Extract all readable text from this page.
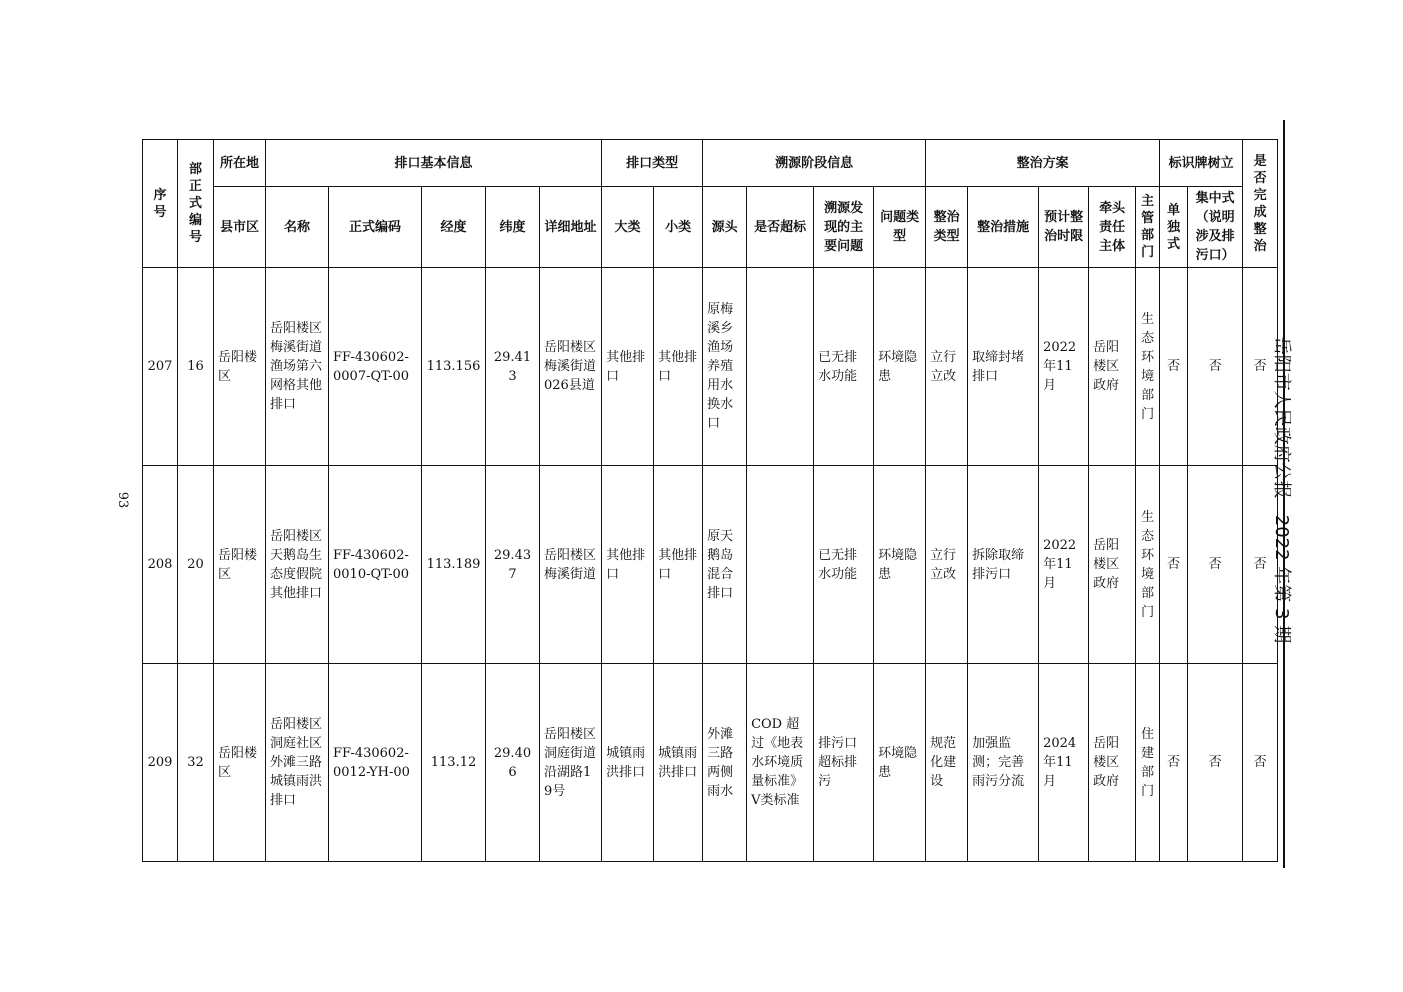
93
岳阳市人民政府公报2022 年第 3 期
序号	部正式编号	所在地	排口基本信息					排口类型		溯源阶段信息				整治方案					标识牌树立		是否完成整治

		县市区	名称	正式编码	经度	纬度	详细地址	大类	小类	源头	是否超标	溯源发现的主要问题	问题类型	整治类型	整治措施	预计整治时限	牵头责任主体	主管部门	单独式	集中式（说明涉及排污口）	
207	16	岳阳楼区	岳阳楼区梅溪街道渔场第六网格其他排口	FF-430602-0007-QT-00	113.156	29.413	岳阳楼区梅溪街道026县道	其他排口	其他排口	原梅溪乡渔场养殖用水换水口		已无排水功能	环境隐患	立行立改	取缔封堵排口	2022年11月	岳阳楼区政府	生态环境部门	否	否	否
208	20	岳阳楼区	岳阳楼区天鹅岛生态度假院其他排口	FF-430602-0010-QT-00	113.189	29.437	岳阳楼区梅溪街道	其他排口	其他排口	原天鹅岛混合排口		已无排水功能	环境隐患	立行立改	拆除取缔排污口	2022年11月	岳阳楼区政府	生态环境部门	否	否	否
209	32	岳阳楼区	岳阳楼区洞庭社区外滩三路城镇雨洪排口	FF-430602-0012-YH-00	113.12	29.406	岳阳楼区洞庭街道沿湖路19号	城镇雨洪排口	城镇雨洪排口	外滩三路两侧雨水	COD 超过《地表水环境质量标准》V类标准	排污口超标排污	环境隐患	规范化建设	加强监测；完善雨污分流	2024年11月	岳阳楼区政府	住建部门	否	否	否
